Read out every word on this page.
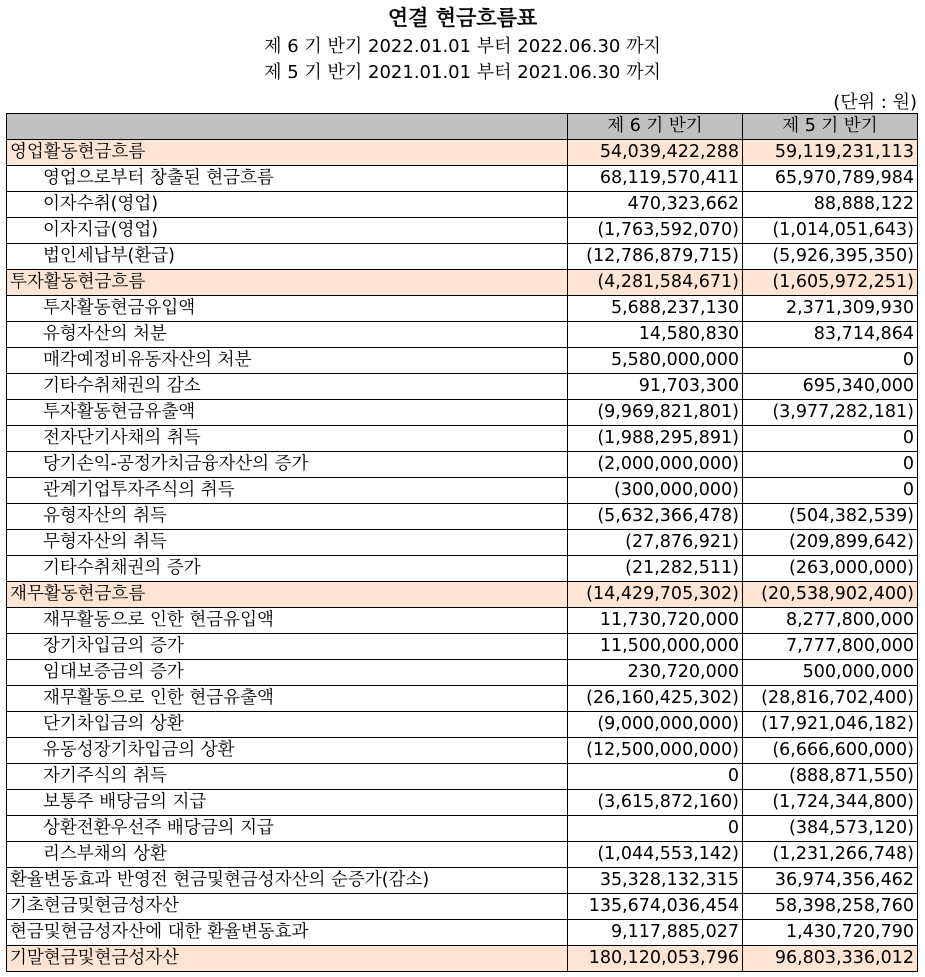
연결 현금흐름표
제 6 기 반기 2022.01.01 부터 2022.06.30 까지
제 5 기 반기 2021.01.01 부터 2021.06.30 까지
(단위 : 원)
	제 6 기 반기	제 5 기 반기
영업활동현금흐름	54,039,422,288	59,119,231,113
영업으로부터 창출된 현금흐름	68,119,570,411	65,970,789,984
이자수취(영업)	470,323,662	88,888,122
이자지급(영업)	(1,763,592,070)	(1,014,051,643)
법인세납부(환급)	(12,786,879,715)	(5,926,395,350)
투자활동현금흐름	(4,281,584,671)	(1,605,972,251)
투자활동현금유입액	5,688,237,130	2,371,309,930
유형자산의 처분	14,580,830	83,714,864
매각예정비유동자산의 처분	5,580,000,000	0
기타수취채권의 감소	91,703,300	695,340,000
투자활동현금유출액	(9,969,821,801)	(3,977,282,181)
전자단기사채의 취득	(1,988,295,891)	0
당기손익-공정가치금융자산의 증가	(2,000,000,000)	0
관계기업투자주식의 취득	(300,000,000)	0
유형자산의 취득	(5,632,366,478)	(504,382,539)
무형자산의 취득	(27,876,921)	(209,899,642)
기타수취채권의 증가	(21,282,511)	(263,000,000)
재무활동현금흐름	(14,429,705,302)	(20,538,902,400)
재무활동으로 인한 현금유입액	11,730,720,000	8,277,800,000
장기차입금의 증가	11,500,000,000	7,777,800,000
임대보증금의 증가	230,720,000	500,000,000
재무활동으로 인한 현금유출액	(26,160,425,302)	(28,816,702,400)
단기차입금의 상환	(9,000,000,000)	(17,921,046,182)
유동성장기차입금의 상환	(12,500,000,000)	(6,666,600,000)
자기주식의 취득	0	(888,871,550)
보통주 배당금의 지급	(3,615,872,160)	(1,724,344,800)
상환전환우선주 배당금의 지급	0	(384,573,120)
리스부채의 상환	(1,044,553,142)	(1,231,266,748)
환율변동효과 반영전 현금및현금성자산의 순증가(감소)	35,328,132,315	36,974,356,462
기초현금및현금성자산	135,674,036,454	58,398,258,760
현금및현금성자산에 대한 환율변동효과	9,117,885,027	1,430,720,790
기말현금및현금성자산	180,120,053,796	96,803,336,012
